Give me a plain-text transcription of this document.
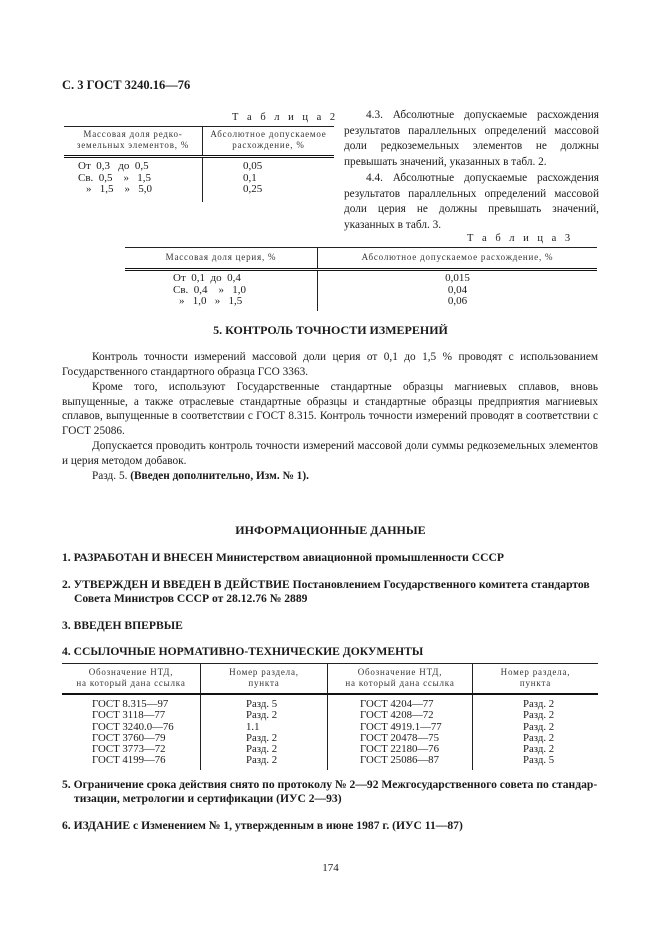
С. 3 ГОСТ 3240.16—76
Т а б л и ц а 2
Массовая доля редко-
земельных элементов, %	Абсолютное допускаемое
расхождение, %
От  0,3   до  0,5	0,05
Св.  0,5    »   1,5	0,1
»   1,5    »   5,0	0,25
4.3. Абсолютные допускаемые расхождения результатов параллельных определений массовой доли редкоземельных элементов не должны превышать значений, указанных в табл. 2.
4.4. Абсолютные допускаемые расхождения результатов параллельных определений массовой доли церия не должны превышать значений, указанных в табл. 3.
Т а б л и ц а 3
Массовая доля церия, %	Абсолютное допускаемое расхождение, %
От  0,1  до  0,4	0,015
Св.  0,4    »   1,0	0,04
»   1,0   »   1,5	0,06
5. КОНТРОЛЬ ТОЧНОСТИ ИЗМЕРЕНИЙ
Контроль точности измерений массовой доли церия от 0,1 до 1,5 % проводят с использованием Государственного стандартного образца ГСО 3363.
Кроме того, используют Государственные стандартные образцы магниевых сплавов, вновь выпущенные, а также отраслевые стандартные образцы и стандартные образцы предприятия магниевых сплавов, выпущенные в соответствии с ГОСТ 8.315. Контроль точности измерений проводят в соответствии с ГОСТ 25086.
Допускается проводить контроль точности измерений массовой доли суммы редкоземельных элементов и церия методом добавок.
Разд. 5. (Введен дополнительно, Изм. № 1).
ИНФОРМАЦИОННЫЕ ДАННЫЕ
1. РАЗРАБОТАН И ВНЕСЕН Министерством авиационной промышленности СССР
2. УТВЕРЖДЕН И ВВЕДЕН В ДЕЙСТВИЕ Постановлением Государственного комитета стандартов
Совета Министров СССР от 28.12.76 № 2889
3. ВВЕДЕН ВПЕРВЫЕ
4. ССЫЛОЧНЫЕ НОРМАТИВНО-ТЕХНИЧЕСКИЕ ДОКУМЕНТЫ
Обозначение НТД,
на который дана ссылка	Номер раздела,
пункта	Обозначение НТД,
на который дана ссылка	Номер раздела,
пункта
ГОСТ 8.315—97	Разд. 5	ГОСТ 4204—77	Разд. 2
ГОСТ 3118—77	Разд. 2	ГОСТ 4208—72	Разд. 2
ГОСТ 3240.0—76	1.1	ГОСТ 4919.1—77	Разд. 2
ГОСТ 3760—79	Разд. 2	ГОСТ 20478—75	Разд. 2
ГОСТ 3773—72	Разд. 2	ГОСТ 22180—76	Разд. 2
ГОСТ 4199—76	Разд. 2	ГОСТ 25086—87	Разд. 5
5. Ограничение срока действия снято по протоколу № 2—92 Межгосударственного совета по стандар-
тизации, метрологии и сертификации (ИУС 2—93)
6. ИЗДАНИЕ с Изменением № 1, утвержденным в июне 1987 г. (ИУС 11—87)
174
